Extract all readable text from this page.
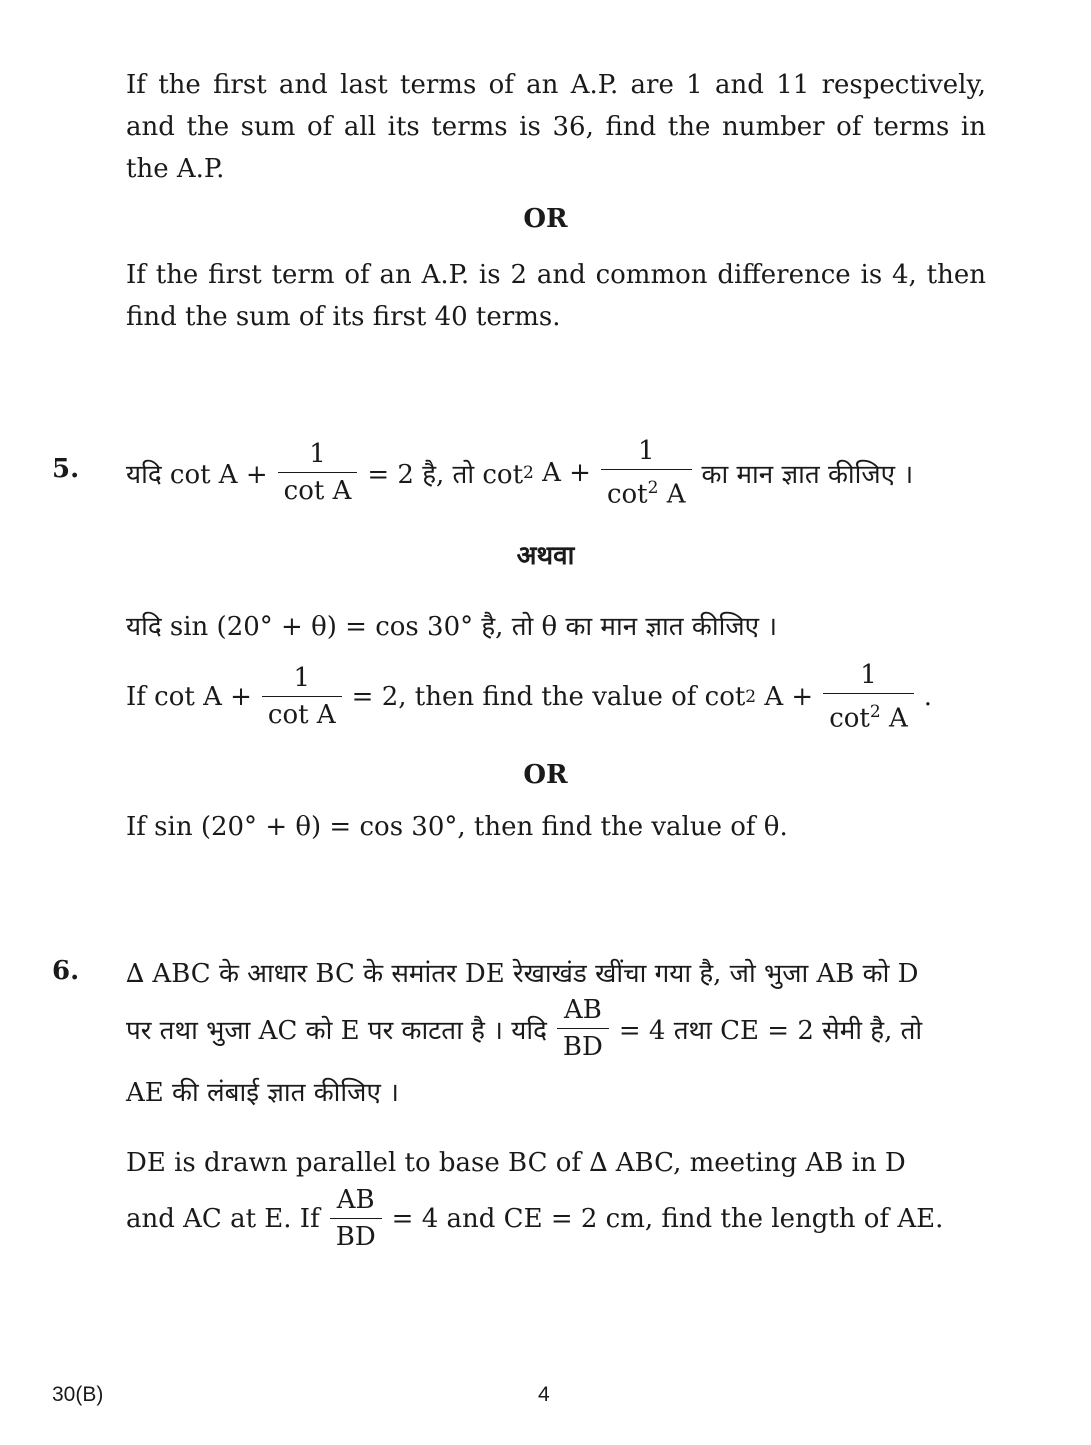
If the first and last terms of an A.P. are 1 and 11 respectively, and the sum of all its terms is 36, find the number of terms in the A.P.
OR
If the first term of an A.P. is 2 and common difference is 4, then find the sum of its first 40 terms.
5. यदि $\cot A + \frac{1}{\text{cot A}} = 2$ है, तो cot 2
$A + \frac{1}{\cot^2 A}$ का मान ज्ञात कीजिए ।
अथवा
यदि sin (20° + θ) = cos 30° है, तो θ का मान ज्ञात कीजिए ।
If $\cot A + \frac{1}{\text{cot A}} = 2$, then find the value of cot 2
$A + \frac{1}{\cot^2 A}$ .
OR
If sin (20° + θ) = cos 30°, then find the value of θ.
6. ∆ ABC के आधार BC के समांतर DE रेखाखंड खींचा गया है, जो भुजा AB को D
पर तथा भुजा AC को E पर काटता है । यदि $\frac{AB}{BD} = 4$ तथा CE = 2 सेमी है, तो
AE की लंबाई ज्ञात कीजिए ।
DE is drawn parallel to base BC of ∆ ABC, meeting AB in D
and AC at E. If $\frac{AB}{BD} = 4$ and CE = 2 cm, find the length of AE.
30(B)	4
